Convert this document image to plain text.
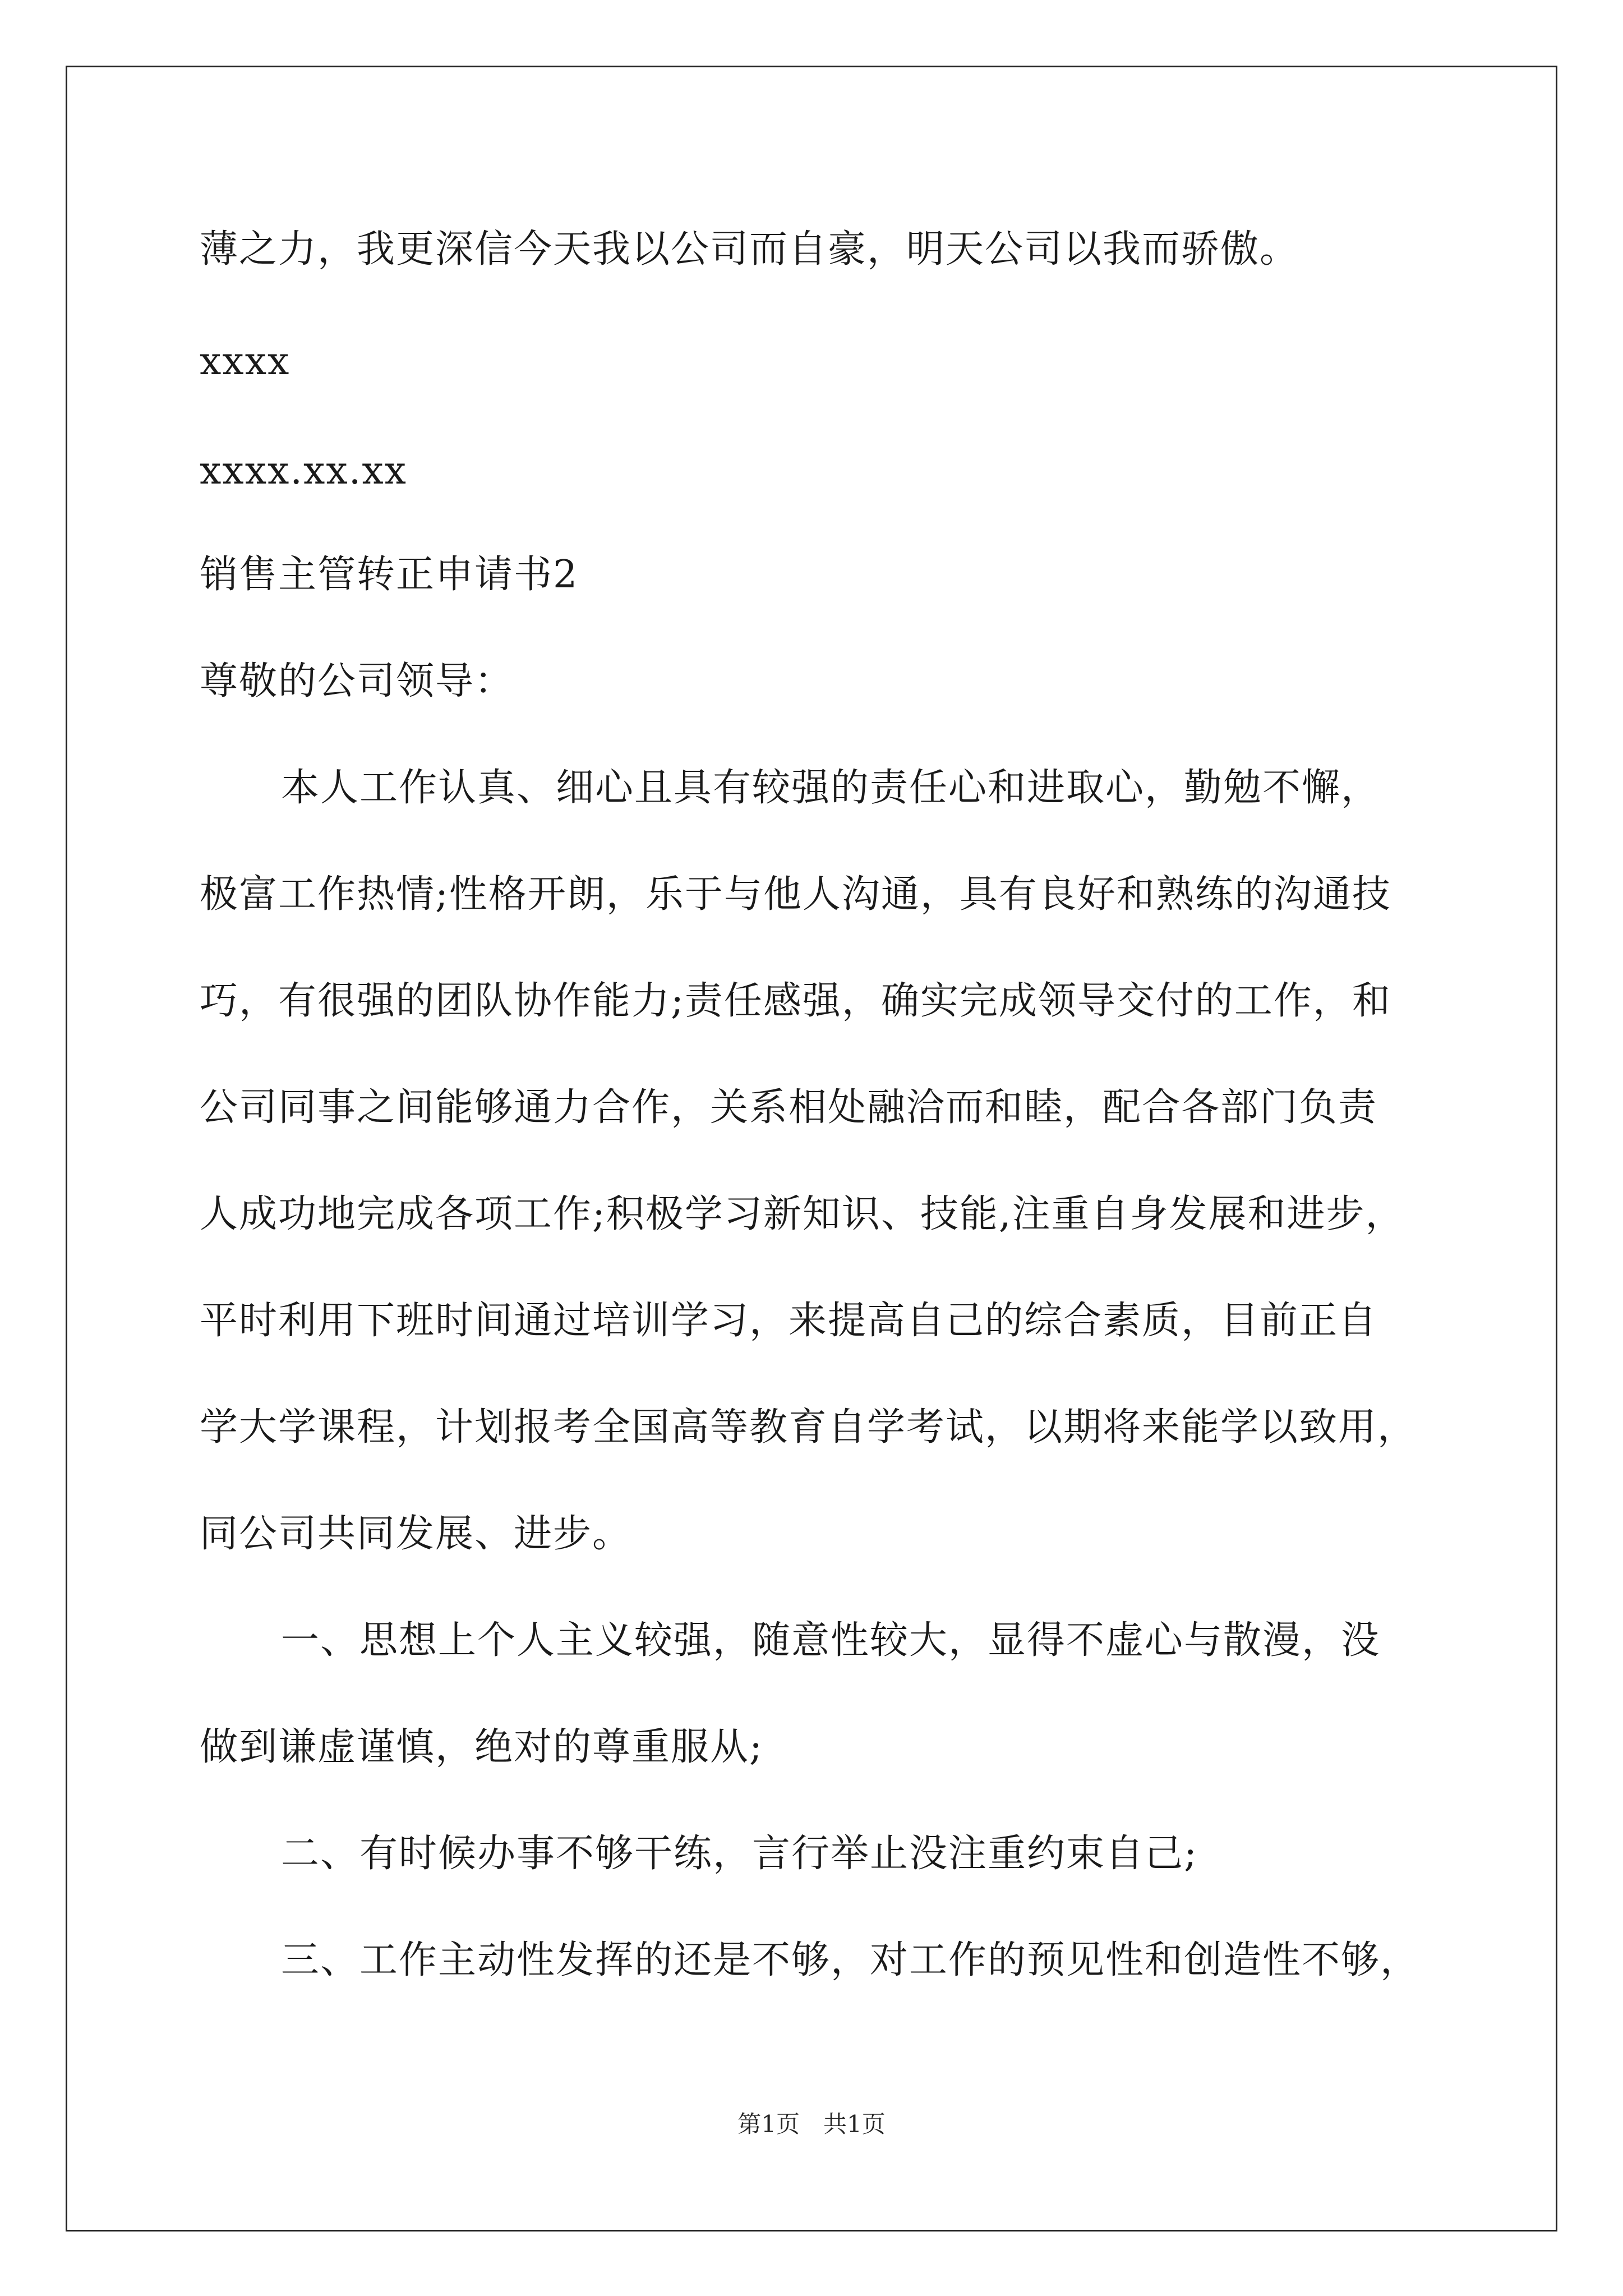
薄之力，我更深信今天我以公司而自豪，明天公司以我而骄傲。
xxxx
xxxx.xx.xx
销售主管转正申请书2
尊敬的公司领导：
本人工作认真、细心且具有较强的责任心和进取心，勤勉不懈，
极富工作热情;性格开朗，乐于与他人沟通，具有良好和熟练的沟通技
巧，有很强的团队协作能力;责任感强，确实完成领导交付的工作，和
公司同事之间能够通力合作，关系相处融洽而和睦，配合各部门负责
人成功地完成各项工作;积极学习新知识、技能,注重自身发展和进步，
平时利用下班时间通过培训学习，来提高自己的综合素质，目前正自
学大学课程，计划报考全国高等教育自学考试，以期将来能学以致用，
同公司共同发展、进步。
一、思想上个人主义较强，随意性较大，显得不虚心与散漫，没
做到谦虚谨慎，绝对的尊重服从;
二、有时候办事不够干练，言行举止没注重约束自己;
三、工作主动性发挥的还是不够，对工作的预见性和创造性不够，
第1页　共1页
